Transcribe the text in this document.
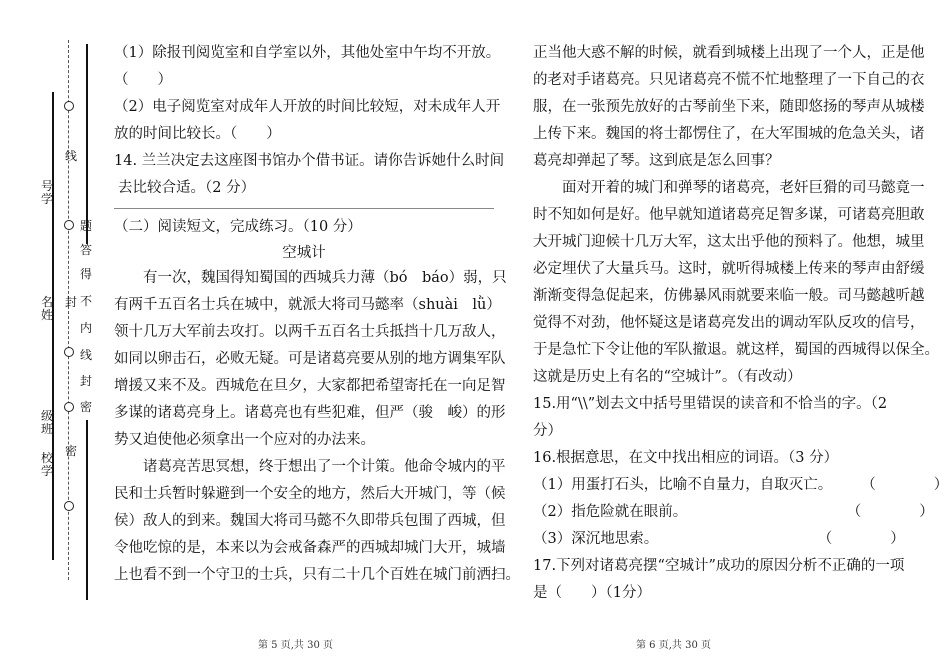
线
号
学
题
答
得
不
内
线
封
密
封
名
姓
级
班
校
学
密

（1）除报刊阅览室和自学室以外，其他处室中午均不开放。

（　　）

（2）电子阅览室对成年人开放的时间比较短，对未成年人开

放的时间比较长。（　　）

14. 兰兰决定去这座图书馆办个借书证。请你告诉她什么时间

去比较合适。（2 分）

（二）阅读短文，完成练习。（10 分）

空城计

有一次，魏国得知蜀国的西城兵力薄（bó　báo）弱，只

有两千五百名士兵在城中，就派大将司马懿率（shuài　lǜ）

领十几万大军前去攻打。以两千五百名士兵抵挡十几万敌人，

如同以卵击石，必败无疑。可是诸葛亮要从别的地方调集军队

增援又来不及。西城危在旦夕，大家都把希望寄托在一向足智

多谋的诸葛亮身上。诸葛亮也有些犯难，但严（骏　峻）的形

势又迫使他必须拿出一个应对的办法来。

诸葛亮苦思冥想，终于想出了一个计策。他命令城内的平

民和士兵暂时躲避到一个安全的地方，然后大开城门，等（候

侯）敌人的到来。魏国大将司马懿不久即带兵包围了西城，但

令他吃惊的是，本来以为会戒备森严的西城却城门大开，城墙

上也看不到一个守卫的士兵，只有二十几个百姓在城门前洒扫。

正当他大惑不解的时候，就看到城楼上出现了一个人，正是他

的老对手诸葛亮。只见诸葛亮不慌不忙地整理了一下自己的衣

服，在一张预先放好的古琴前坐下来，随即悠扬的琴声从城楼

上传下来。魏国的将士都愣住了，在大军围城的危急关头，诸

葛亮却弹起了琴。这到底是怎么回事？

面对开着的城门和弹琴的诸葛亮，老奸巨猾的司马懿竟一

时不知如何是好。他早就知道诸葛亮足智多谋，可诸葛亮胆敢

大开城门迎候十几万大军，这太出乎他的预料了。他想，城里

必定埋伏了大量兵马。这时，就听得城楼上传来的琴声由舒缓

渐渐变得急促起来，仿佛暴风雨就要来临一般。司马懿越听越

觉得不对劲，他怀疑这是诸葛亮发出的调动军队反攻的信号，

于是急忙下令让他的军队撤退。就这样，蜀国的西城得以保全。

这就是历史上有名的“空城计”。（有改动）

15.用“\\”划去文中括号里错误的读音和不恰当的字。（2

分）

16.根据意思，在文中找出相应的词语。（3 分）

（1）用蛋打石头，比喻不自量力，自取灭亡。　　　（　　　　）

（2）指危险就在眼前。　　　　　　　　　　　　（　　　　）

（3）深沉地思索。　　　　　　　　　　　　（　　　　）

17.下列对诸葛亮摆“空城计”成功的原因分析不正确的一项

是（　　）（1分）

第 5 页,共 30 页	第 6 页,共 30 页
